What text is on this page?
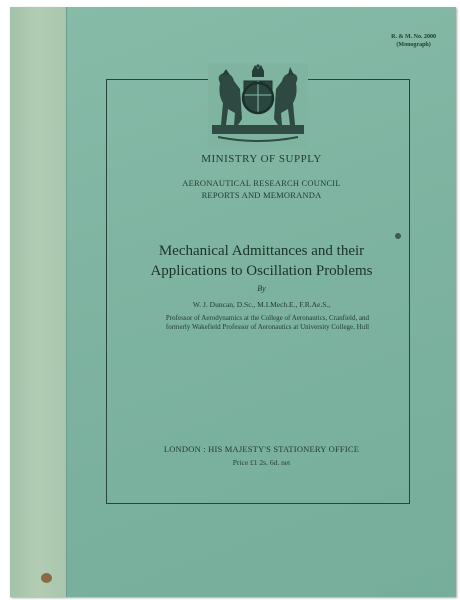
R. & M. No. 2000
(Monograph)
MINISTRY OF SUPPLY
AERONAUTICAL RESEARCH COUNCIL
REPORTS AND MEMORANDA
Mechanical Admittances and their
Applications to Oscillation Problems
By
W. J. Duncan, D.Sc., M.I.Mech.E., F.R.Ae.S.,
Professor of Aerodynamics at the College of Aeronautics, Cranfield, and
formerly Wakefield Professor of Aeronautics at University College, Hull
LONDON : HIS MAJESTY'S STATIONERY OFFICE
Price £1 2s. 6d. net
